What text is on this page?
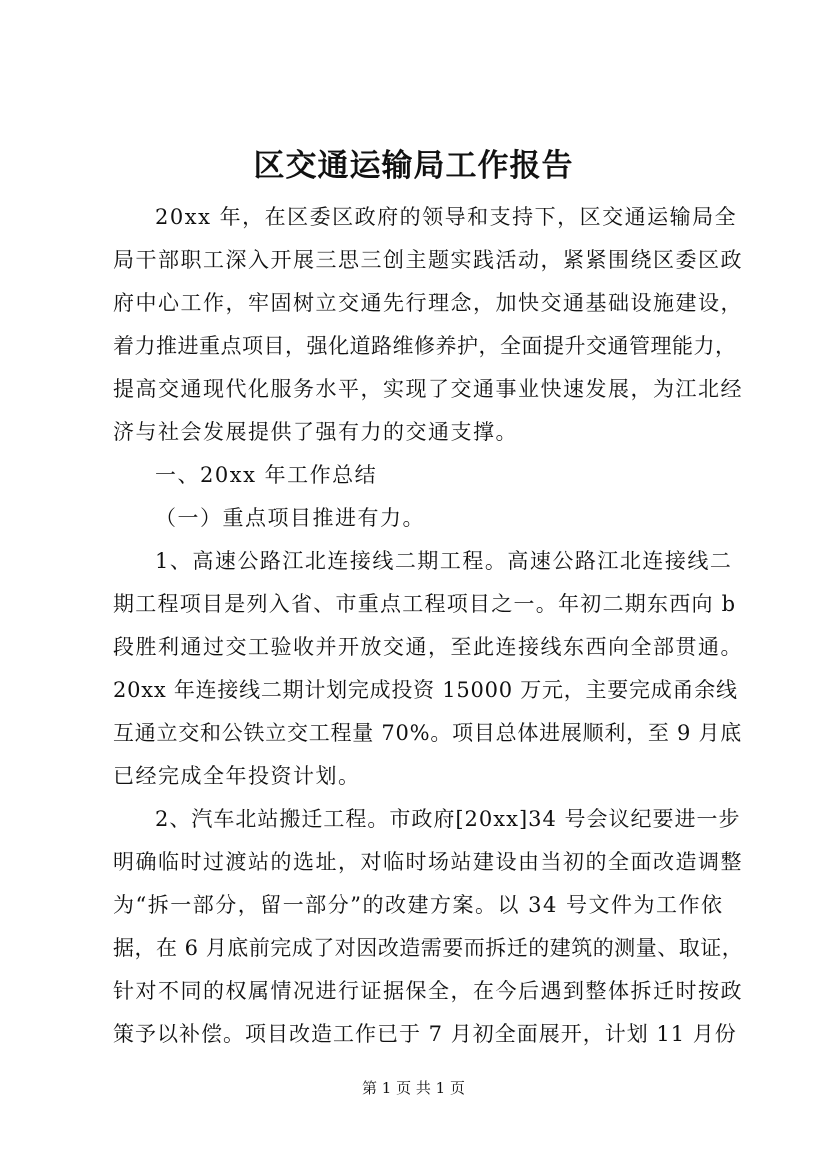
区交通运输局工作报告
20xx 年，在区委区政府的领导和支持下，区交通运输局全
局干部职工深入开展三思三创主题实践活动，紧紧围绕区委区政
府中心工作，牢固树立交通先行理念，加快交通基础设施建设，
着力推进重点项目，强化道路维修养护，全面提升交通管理能力，
提高交通现代化服务水平，实现了交通事业快速发展，为江北经
济与社会发展提供了强有力的交通支撑。
一、20xx 年工作总结
（一）重点项目推进有力。
1、高速公路江北连接线二期工程。高速公路江北连接线二
期工程项目是列入省、市重点工程项目之一。年初二期东西向 b
段胜利通过交工验收并开放交通，至此连接线东西向全部贯通。
20xx 年连接线二期计划完成投资 15000 万元，主要完成甬余线
互通立交和公铁立交工程量 70%。项目总体进展顺利，至 9 月底
已经完成全年投资计划。
2、汽车北站搬迁工程。市政府[20xx]34 号会议纪要进一步
明确临时过渡站的选址，对临时场站建设由当初的全面改造调整
为“拆一部分，留一部分”的改建方案。以 34 号文件为工作依
据，在 6 月底前完成了对因改造需要而拆迁的建筑的测量、取证，
针对不同的权属情况进行证据保全，在今后遇到整体拆迁时按政
策予以补偿。项目改造工作已于 7 月初全面展开，计划 11 月份
第 1 页 共 1 页
